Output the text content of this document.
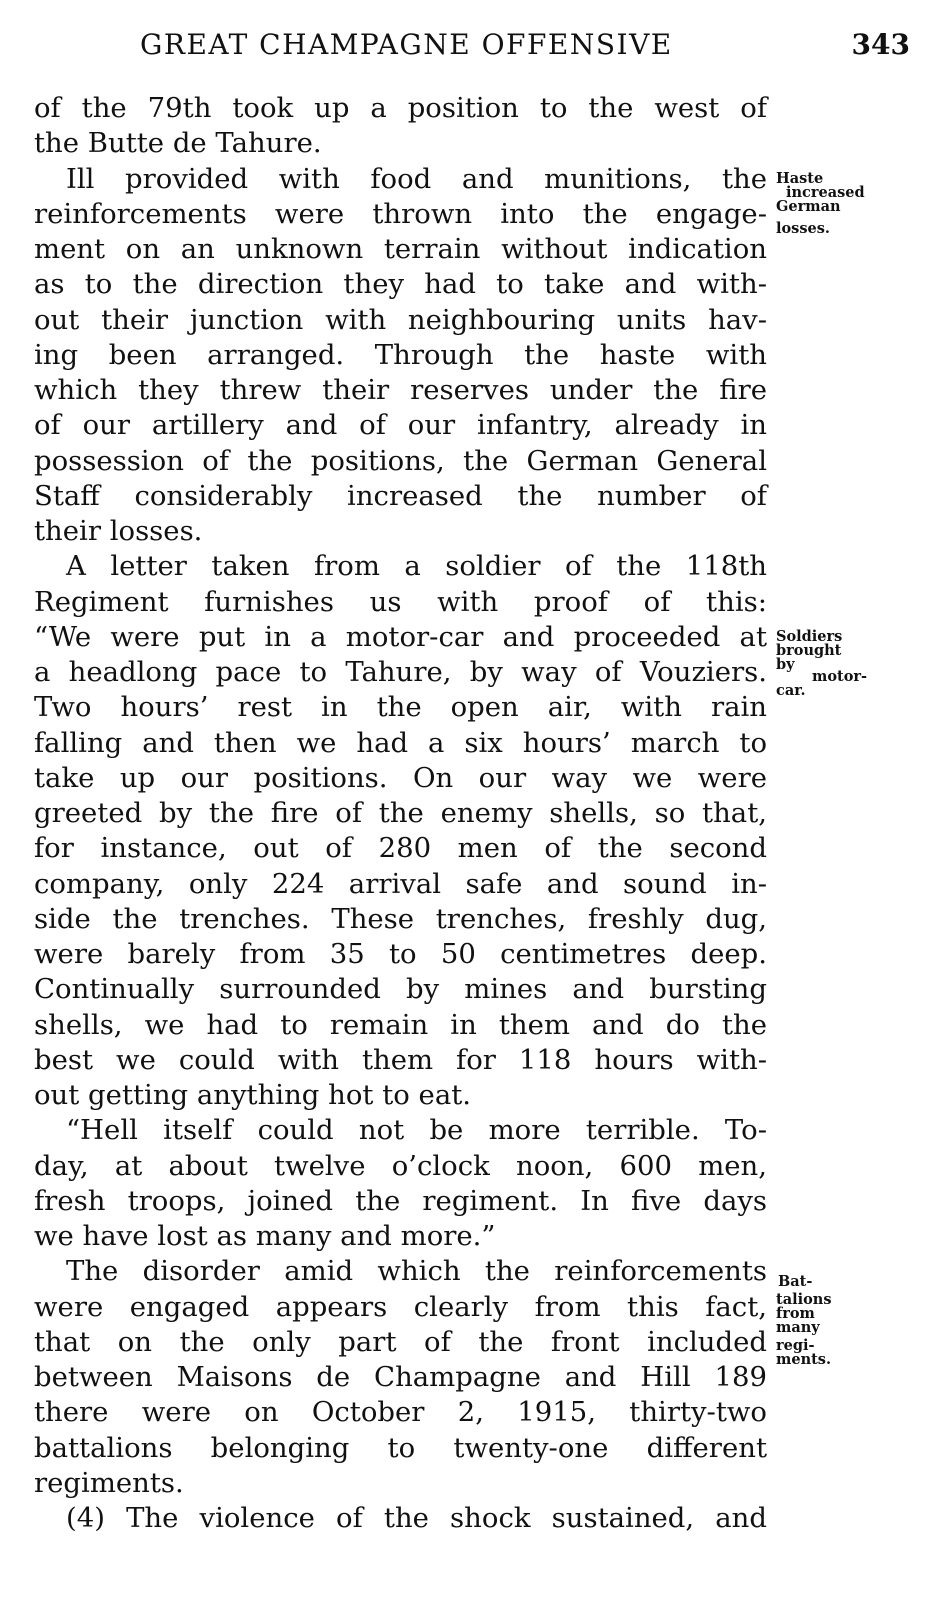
GREAT CHAMPAGNE OFFENSIVE	343
of the 79th took up a position to the west of
the Butte de Tahure.
Ill provided with food and munitions, the
reinforcements were thrown into the engage-
ment on an unknown terrain without indication
as to the direction they had to take and with-
out their junction with neighbouring units hav-
ing been arranged. Through the haste with
which they threw their reserves under the fire
of our artillery and of our infantry, already in
possession of the positions, the German General
Staff considerably increased the number of
their losses.
A letter taken from a soldier of the 118th
Regiment furnishes us with proof of this:
“We were put in a motor-car and proceeded at
a headlong pace to Tahure, by way of Vouziers.
Two hours’ rest in the open air, with rain
falling and then we had a six hours’ march to
take up our positions. On our way we were
greeted by the fire of the enemy shells, so that,
for instance, out of 280 men of the second
company, only 224 arrival safe and sound in-
side the trenches. These trenches, freshly dug,
were barely from 35 to 50 centimetres deep.
Continually surrounded by mines and bursting
shells, we had to remain in them and do the
best we could with them for 118 hours with-
out getting anything hot to eat.
“Hell itself could not be more terrible. To-
day, at about twelve o’clock noon, 600 men,
fresh troops, joined the regiment. In five days
we have lost as many and more.”
The disorder amid which the reinforcements
were engaged appears clearly from this fact,
that on the only part of the front included
between Maisons de Champagne and Hill 189
there were on October 2, 1915, thirty-two
battalions belonging to twenty-one different
regiments.
(4) The violence of the shock sustained, and
Haste
increased
German
losses.
Soldiers
brought
by
motor-
car.
Bat-
talions
from
many
regi-
ments.
